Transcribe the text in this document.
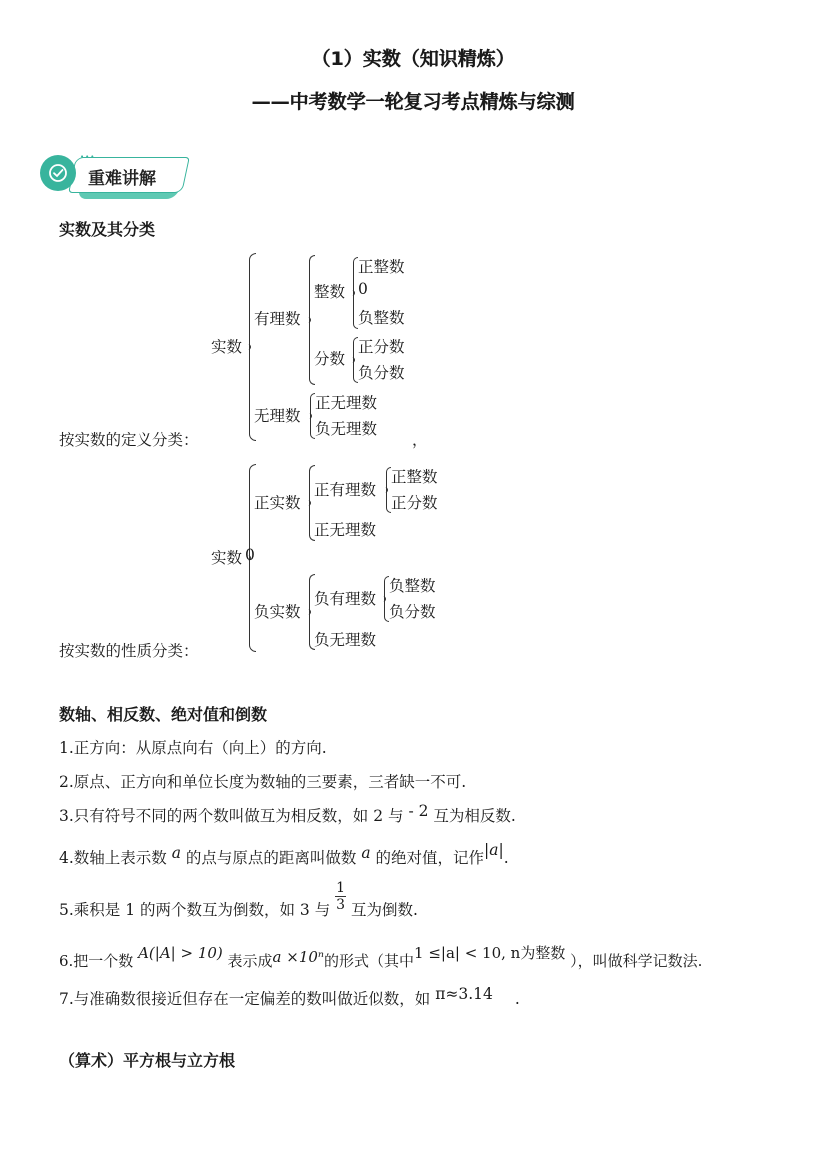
（1）实数（知识精炼）
——中考数学一轮复习考点精炼与综测
•••
重难讲解
实数及其分类
按实数的定义分类：
实数
有理数
整数
正整数
0
负整数
分数
正分数
负分数
无理数
正无理数
负无理数
，
按实数的性质分类：
实数 0
正实数
正有理数
正整数
正分数
正无理数
负实数
负有理数
负整数
负分数
负无理数
数轴、相反数、绝对值和倒数
1.正方向：从原点向右（向上）的方向.
2.原点、正方向和单位长度为数轴的三要素，三者缺一不可.
3.只有符号不同的两个数叫做互为相反数，如 2 与 - 2 互为相反数.
4.数轴上表示数 a 的点与原点的距离叫做数 a 的绝对值，记作|a|.
5.乘积是 1 的两个数互为倒数，如 3 与 $\frac{1}{3}$ 互为倒数.
6.把一个数 A(|A| > 10) 表示成a ×10ⁿ的形式（其中1 ≤|a| < 10, n为整数 ），叫做科学记数法.
7.与准确数很接近但存在一定偏差的数叫做近似数，如 π≈3.14 .
（算术）平方根与立方根
